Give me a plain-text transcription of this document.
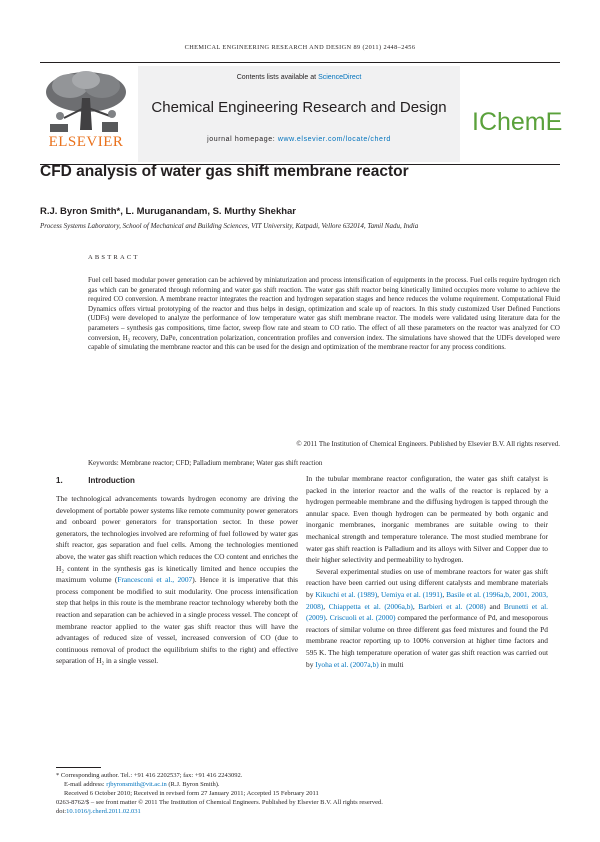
CHEMICAL ENGINEERING RESEARCH AND DESIGN 89 (2011) 2448–2456
ELSEVIER
Contents lists available at ScienceDirect
Chemical Engineering Research and Design
journal homepage: www.elsevier.com/locate/cherd
IChemE
CFD analysis of water gas shift membrane reactor
R.J. Byron Smith*, L. Muruganandam, S. Murthy Shekhar
Process Systems Laboratory, School of Mechanical and Building Sciences, VIT University, Katpadi, Vellore 632014, Tamil Nadu, India
ABSTRACT
Fuel cell based modular power generation can be achieved by miniaturization and process intensification of equipments in the process. Fuel cells require hydrogen rich gas which can be generated through reforming and water gas shift reaction. The water gas shift reactor being kinetically limited occupies more volume to achieve the required CO conversion. A membrane reactor integrates the reaction and hydrogen separation stages and hence reduces the volume requirement. Computational Fluid Dynamics offers virtual prototyping of the reactor and thus helps in design, optimization and scale up of reactors. In this study customized User Defined Functions (UDFs) were developed to analyze the performance of low temperature water gas shift membrane reactor. The models were validated using literature data for the parameters – synthesis gas compositions, time factor, sweep flow rate and steam to CO ratio. The effect of all these parameters on the reactor was analyzed for CO conversion, H₂ recovery, DaPe, concentration polarization, concentration profiles and conversion index. The simulations have showed that the UDFs developed were capable of simulating the membrane reactor and this can be used for the design and optimization of the membrane reactor for any process conditions.
© 2011 The Institution of Chemical Engineers. Published by Elsevier B.V. All rights reserved.
Keywords: Membrane reactor; CFD; Palladium membrane; Water gas shift reaction
1.	Introduction

The technological advancements towards hydrogen economy are driving the development of portable power systems like remote community power generators and onboard power generators for transportation sector. In these power generators, the technologies involved are reforming of fuel followed by water gas shift reactor, gas separation and fuel cells. Among the technologies mentioned above, the water gas shift reaction which reduces the CO content and enriches the H₂ content in the synthesis gas is kinetically limited and hence occupies the maximum volume (Francesconi et al., 2007). Hence it is imperative that this process component be modified to suit modularity. One process intensification step that helps in this route is the membrane reactor technology whereby both the reaction and separation can be achieved in a single process vessel. The concept of membrane reactor applied to the water gas shift reactor thus will have the advantages of reduced size of vessel, increased conversion of CO (due to continuous removal of product the equilibrium shifts to the right) and effective separation of H₂ in a single vessel.

In the tubular membrane reactor configuration, the water gas shift catalyst is packed in the interior reactor and the walls of the reactor is replaced by a hydrogen permeable membrane and the diffusing hydrogen is tapped through the annular space. Even though hydrogen can be permeated by both organic and inorganic membranes, inorganic membranes are suitable owing to their mechanical strength and temperature tolerance. The most studied membrane for water gas shift reaction is Palladium and its alloys with Silver and Copper due to their higher selectivity and permeability to hydrogen.

Several experimental studies on use of membrane reactors for water gas shift reaction have been carried out using different catalysts and membrane materials by Kikuchi et al. (1989), Uemiya et al. (1991), Basile et al. (1996a,b, 2001, 2003, 2008), Chiappetta et al. (2006a,b), Barbieri et al. (2008) and Brunetti et al. (2009). Criscuoli et al. (2000) compared the performance of Pd, and mesoporous reactors of similar volume on three different gas feed mixtures and found the Pd membrane reactor reporting up to 100% conversion at higher time factors and 595 K. The high temperature operation of water gas shift reaction was carried out by Iyoha et al. (2007a,b) in multi

* Corresponding author. Tel.: +91 416 2202537; fax: +91 416 2243092.
E-mail address: rjbyronsmith@vit.ac.in (R.J. Byron Smith).
Received 6 October 2010; Received in revised form 27 January 2011; Accepted 15 February 2011
0263-8762/$ – see front matter © 2011 The Institution of Chemical Engineers. Published by Elsevier B.V. All rights reserved.
doi:10.1016/j.cherd.2011.02.031
